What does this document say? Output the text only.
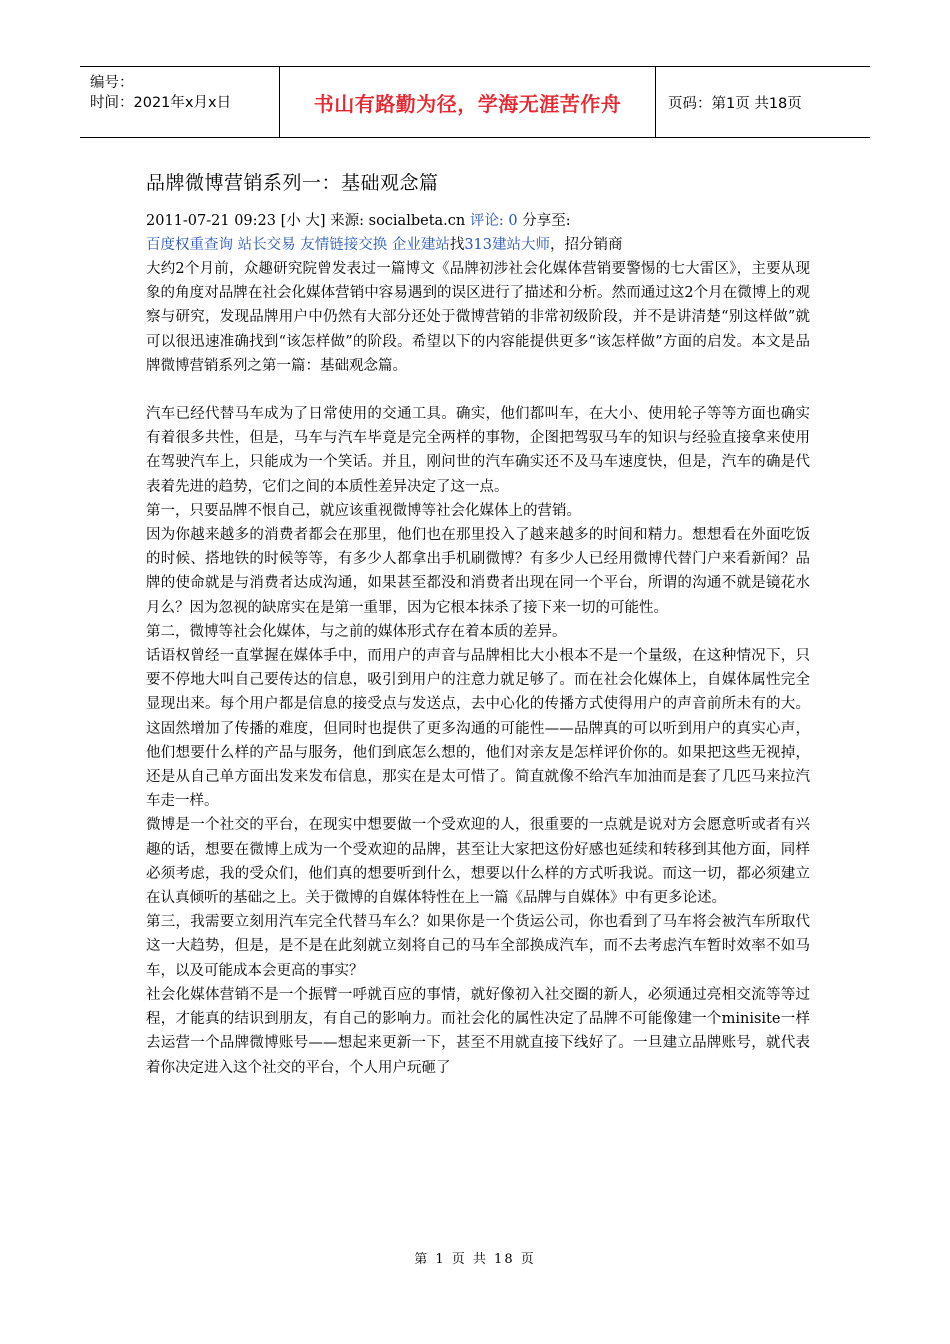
编号：
时间：2021年x月x日	书山有路勤为径，学海无涯苦作舟	页码：第1页 共18页
品牌微博营销系列一：基础观念篇
2011-07-21 09:23 [小 大] 来源: socialbeta.cn 评论: 0 分享至:
百度权重查询 站长交易 友情链接交换 企业建站找313建站大师，招分销商

大约2个月前，众趣研究院曾发表过一篇博文《品牌初涉社会化媒体营销要警惕的七大雷区》，主要从现象的角度对品牌在社会化媒体营销中容易遇到的误区进行了描述和分析。然而通过这2个月在微博上的观察与研究，发现品牌用户中仍然有大部分还处于微博营销的非常初级阶段，并不是讲清楚“别这样做”就可以很迅速准确找到“该怎样做”的阶段。希望以下的内容能提供更多“该怎样做”方面的启发。本文是品牌微博营销系列之第一篇：基础观念篇。

汽车已经代替马车成为了日常使用的交通工具。确实，他们都叫车，在大小、使用轮子等等方面也确实有着很多共性，但是，马车与汽车毕竟是完全两样的事物，企图把驾驭马车的知识与经验直接拿来使用在驾驶汽车上，只能成为一个笑话。并且，刚问世的汽车确实还不及马车速度快，但是，汽车的确是代表着先进的趋势，它们之间的本质性差异决定了这一点。

第一，只要品牌不恨自己，就应该重视微博等社会化媒体上的营销。

因为你越来越多的消费者都会在那里，他们也在那里投入了越来越多的时间和精力。想想看在外面吃饭的时候、搭地铁的时候等等，有多少人都拿出手机刷微博？有多少人已经用微博代替门户来看新闻？品牌的使命就是与消费者达成沟通，如果甚至都没和消费者出现在同一个平台，所谓的沟通不就是镜花水月么？因为忽视的缺席实在是第一重罪，因为它根本抹杀了接下来一切的可能性。

第二，微博等社会化媒体，与之前的媒体形式存在着本质的差异。

话语权曾经一直掌握在媒体手中，而用户的声音与品牌相比大小根本不是一个量级，在这种情况下，只要不停地大叫自己要传达的信息，吸引到用户的注意力就足够了。而在社会化媒体上，自媒体属性完全显现出来。每个用户都是信息的接受点与发送点，去中心化的传播方式使得用户的声音前所未有的大。这固然增加了传播的难度，但同时也提供了更多沟通的可能性——品牌真的可以听到用户的真实心声，他们想要什么样的产品与服务，他们到底怎么想的，他们对亲友是怎样评价你的。如果把这些无视掉，还是从自己单方面出发来发布信息，那实在是太可惜了。简直就像不给汽车加油而是套了几匹马来拉汽车走一样。

微博是一个社交的平台，在现实中想要做一个受欢迎的人，很重要的一点就是说对方会愿意听或者有兴趣的话，想要在微博上成为一个受欢迎的品牌，甚至让大家把这份好感也延续和转移到其他方面，同样必须考虑，我的受众们，他们真的想要听到什么，想要以什么样的方式听我说。而这一切，都必须建立在认真倾听的基础之上。关于微博的自媒体特性在上一篇《品牌与自媒体》中有更多论述。

第三，我需要立刻用汽车完全代替马车么？如果你是一个货运公司，你也看到了马车将会被汽车所取代这一大趋势，但是，是不是在此刻就立刻将自己的马车全部换成汽车，而不去考虑汽车暂时效率不如马车，以及可能成本会更高的事实？

社会化媒体营销不是一个振臂一呼就百应的事情，就好像初入社交圈的新人，必须通过亮相交流等等过程，才能真的结识到朋友，有自己的影响力。而社会化的属性决定了品牌不可能像建一个minisite一样去运营一个品牌微博账号——想起来更新一下，甚至不用就直接下线好了。一旦建立品牌账号，就代表着你决定进入这个社交的平台，个人用户玩砸了

第 1 页 共 18 页
